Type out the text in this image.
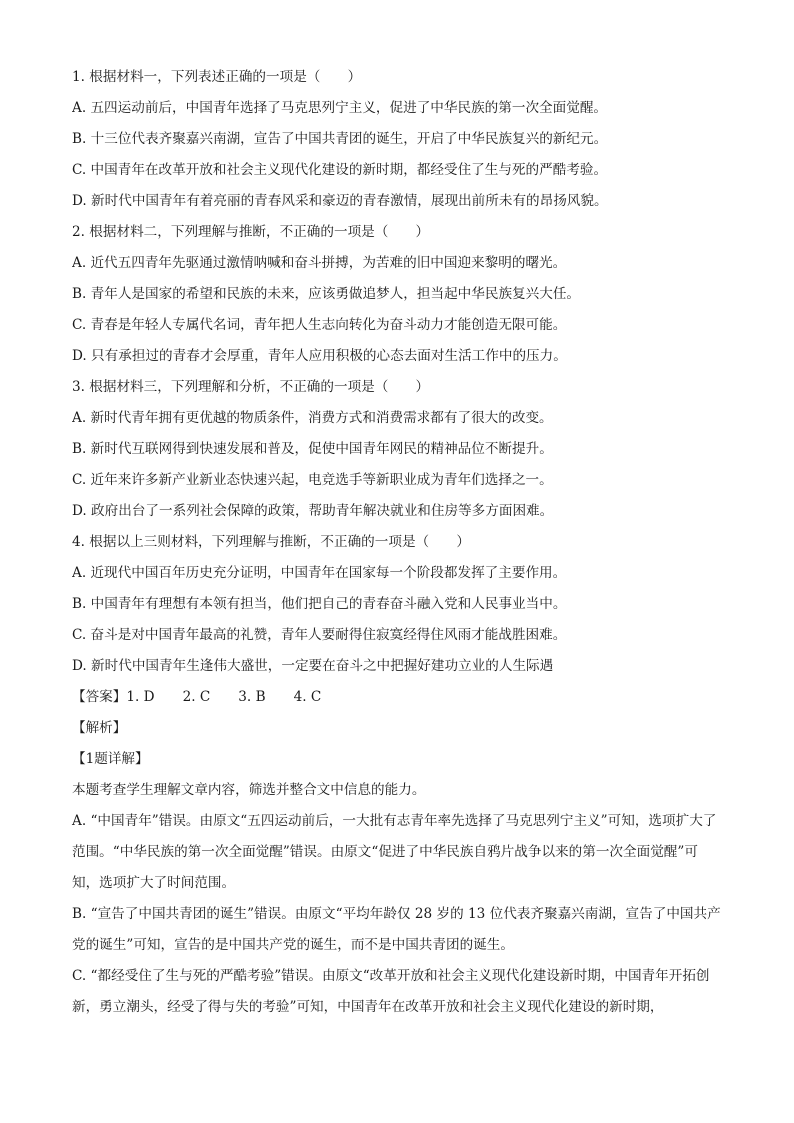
1. 根据材料一，下列表述正确的一项是（　　）
A. 五四运动前后，中国青年选择了马克思列宁主义，促进了中华民族的第一次全面觉醒。
B. 十三位代表齐聚嘉兴南湖，宣告了中国共青团的诞生，开启了中华民族复兴的新纪元。
C. 中国青年在改革开放和社会主义现代化建设的新时期，都经受住了生与死的严酷考验。
D. 新时代中国青年有着亮丽的青春风采和豪迈的青春激情，展现出前所未有的昂扬风貌。
2. 根据材料二，下列理解与推断，不正确的一项是（　　）
A. 近代五四青年先驱通过激情呐喊和奋斗拼搏，为苦难的旧中国迎来黎明的曙光。
B. 青年人是国家的希望和民族的未来，应该勇做追梦人，担当起中华民族复兴大任。
C. 青春是年轻人专属代名词，青年把人生志向转化为奋斗动力才能创造无限可能。
D. 只有承担过的青春才会厚重，青年人应用积极的心态去面对生活工作中的压力。
3. 根据材料三，下列理解和分析，不正确的一项是（　　）
A. 新时代青年拥有更优越的物质条件，消费方式和消费需求都有了很大的改变。
B. 新时代互联网得到快速发展和普及，促使中国青年网民的精神品位不断提升。
C. 近年来许多新产业新业态快速兴起，电竞选手等新职业成为青年们选择之一。
D. 政府出台了一系列社会保障的政策，帮助青年解决就业和住房等多方面困难。
4. 根据以上三则材料，下列理解与推断，不正确的一项是（　　）
A. 近现代中国百年历史充分证明，中国青年在国家每一个阶段都发挥了主要作用。
B. 中国青年有理想有本领有担当，他们把自己的青春奋斗融入党和人民事业当中。
C. 奋斗是对中国青年最高的礼赞，青年人要耐得住寂寞经得住风雨才能战胜困难。
D. 新时代中国青年生逢伟大盛世，一定要在奋斗之中把握好建功立业的人生际遇
【答案】1. D 2. C 3. B 4. C
【解析】
【1题详解】
本题考查学生理解文章内容，筛选并整合文中信息的能力。
A. “中国青年”错误。由原文“五四运动前后，一大批有志青年率先选择了马克思列宁主义”可知，选项扩大了范围。“中华民族的第一次全面觉醒”错误。由原文“促进了中华民族自鸦片战争以来的第一次全面觉醒”可知，选项扩大了时间范围。
B. “宣告了中国共青团的诞生”错误。由原文“平均年龄仅 28 岁的 13 位代表齐聚嘉兴南湖，宣告了中国共产党的诞生”可知，宣告的是中国共产党的诞生，而不是中国共青团的诞生。
C. “都经受住了生与死的严酷考验”错误。由原文“改革开放和社会主义现代化建设新时期，中国青年开拓创新，勇立潮头，经受了得与失的考验”可知，中国青年在改革开放和社会主义现代化建设的新时期，
